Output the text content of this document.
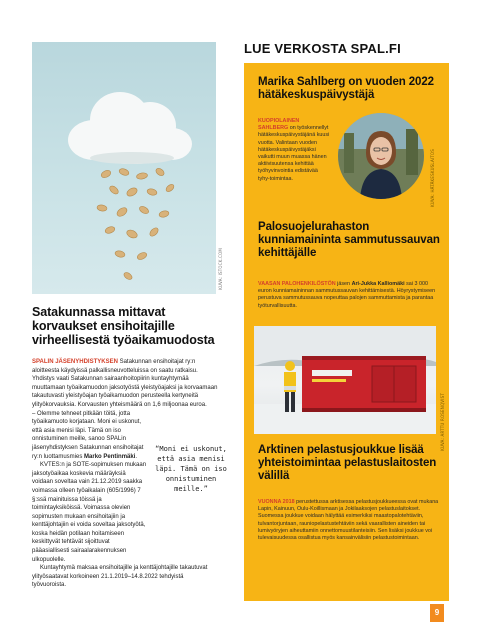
KUVA: ISTOCK.COM
Satakunnassa mittavat korvaukset ensihoitajille virheellisestä työaikamuodosta

SPALIN JÄSENYHDISTYKSEN Satakunnan ensihoitajat ry:n aloitteesta käydyissä palkallisneuvotteluissa on saatu ratkaisu. Yhdistys vaati Satakunnan sairaanhoitopiirin kuntayhtymää muuttamaan työaikamuodon jaksotyöstä yleistyöajaksi ja korvaamaan takautuvasti yleistyöajan työaikamuodon perusteella kertyneitä ylityökorvauksia. Korvausten yhteismäärä on 1,6 miljoonaa euroa.

– Olemme tehneet pitkään töitä, jotta työaikamuoto korjataan. Moni ei uskonut, että asia menisi läpi. Tämä on iso onnistuminen meille, sanoo SPALin jäsenyhdistyksen Satakunnan ensihoitajat ry:n luottamusmies Marko Pentinmäki.

KVTES:n ja SOTE-sopimuksen mukaan jaksotyöaikaa koskevia määräyksiä voidaan soveltaa vain 21.12.2019 saakka voimassa olleen työaikalain (605/1996) 7 §:ssä mainituissa töissä ja toimintayksiköissä. Voimassa olevien sopimusten mukaan ensihoitajiin ja kenttäjohtajiin ei voida soveltaa jaksotyötä, koska heidän potilaan hoitamiseen keskittyvät tehtävät sijoittuvat pääasiallisesti sairaalarakennuksen ulkopuolelle.

Kuntayhtymä maksaa ensihoitajille ja kenttäjohtajille takautuvat ylityösaatavat korkoineen 21.1.2019–14.8.2022 tehdyistä työvuoroista.

“Moni ei uskonut, että asia menisi läpi. Tämä on iso onnistuminen meille.”
LUE VERKOSTA SPAL.FI
Marika Sahlberg on vuoden 2022 hätäkeskuspäivystäjä
KUOPIOLAINEN SAHLBERG on työskennellyt hätäkeskuspäivystäjänä kuusi vuotta. Valintaan vuoden hätäkeskuspäivystäjäksi vaikutti muun muassa hänen aktiivisuutensa kehittää työhyvinvointia edistävää tyhy-toimintaa.	KUVA: HÄTÄKESKUSLAITOS
Palosuojelurahaston kunniamaininta sammutussauvan kehittäjälle
VAASAN PALOHENKILÖSTÖN jäsen Ari-Jukka Kalliomäki sai 3 000 euron kunniamaininnan sammutussauvan kehittämisestä. Höyrystymiseen perustuva sammutussauva nopeuttaa palojen sammuttamista ja parantaa työturvallisuutta.
KUVA: ARTTU ROSENQVIST
Arktinen pelastusjoukkue lisää yhteistoimintaa pelastuslaitosten välillä
VUONNA 2018 perustettussa arktisessa pelastusjoukkueessa ovat mukana Lapin, Kainuun, Oulu-Koillismaan ja Jokilaaksojen pelastuslaitokset. Suomessa joukkue voidaan hälyttää esimerkiksi maastopalotehtäviin, tulvantorjuntaan, rauniopelastustehtäviin sekä vaarallisten aineiden tai lumivyöryjen aiheuttamiin onnettomuustilanteisiin. Sen lisäksi joukkue voi tulevaisuudessa osallistua myös kansainvälisiin pelastustoimintaan.
9
